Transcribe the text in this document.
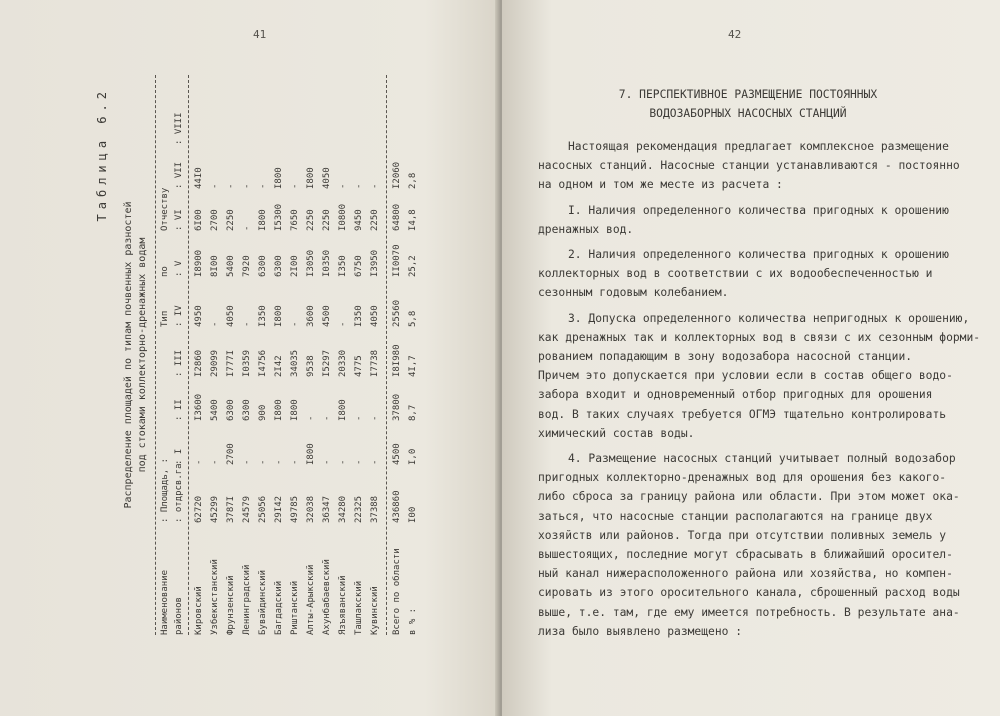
41
Таблица 6.2
Распределение площадей по типам почвенных разностей под стоками коллекторно-дренажных водам
Наименование
: Площадь, :
Тип
по
Отчеству
районов
: отдрсв.га
: I
: II
: III
: IV
: V
: VI
: VII
: VIII
Кировский
62720
-
I3600
I2860
4950
I8900
6I00
44I0
Узбекистанский
45299
-
5400
29099
-
8I00
2700
-
Фрунзенский
3787I
2700
6300
I777I
4050
5400
2250
-
Ленинградский
24579
-
6300
I0359
-
7920
-
-
Бувайдинский
25056
-
900
I4756
I350
6300
I800
-
Багдадский
29I42
-
I800
2I42
I800
6300
I5300
I800
Риштанский
49785
-
I800
34035
-
2I00
7650
-
Алты-Арыкский
32038
I800
-
9538
3600
I3050
2250
I800
Ахунбабаевский
36347
-
-
I5297
4500
I0350
2250
4050
Язъяванский
34280
-
I800
20330
-
I350
I0800
-
Ташлакский
22325
-
-
4775
I350
6750
9450
-
Кувинский
37388
-
-
I7738
4050
I3950
2250
-
Всего по области
436860
4500
37800
I8I980
25560
II0070
64800
I2060
в % :
I00
I,0
8,7
4I,7
5,8
25,2
I4,8
2,8
42
7. ПЕРСПЕКТИВНОЕ РАЗМЕЩЕНИЕ ПОСТОЯННЫХ
ВОДОЗАБОРНЫХ НАСОСНЫХ СТАНЦИЙ
Настоящая рекомендация предлагает комплексное размещение
насосных станций. Насосные станции устанавливаются - постоянно
на одном и том же месте из расчета :
I. Наличия определенного количества пригодных к орошению
дренажных вод.
2. Наличия определенного количества пригодных к орошению
коллекторных вод в соответствии с их водообеспеченностью и
сезонным годовым колебанием.
3. Допуска определенного количества непригодных к орошению,
как дренажных так и коллекторных вод в связи с их сезонным форми-
рованием попадающим в зону водозабора насосной станции.
Причем это допускается при условии если в состав общего водо-
забора входит и одновременный отбор пригодных для орошения
вод. В таких случаях требуется ОГМЭ тщательно контролировать
химический состав воды.
4. Размещение насосных станций учитывает полный водозабор
пригодных коллекторно-дренажных вод для орошения без какого-
либо сброса за границу района или области. При этом может ока-
заться, что насосные станции располагаются на границе двух
хозяйств или районов. Тогда при отсутствии поливных земель у
вышестоящих, последние могут сбрасывать в ближайший оросител-
ный канал нижерасположенного района или хозяйства, но компен-
сировать из этого оросительного канала, сброшенный расход воды
выше, т.е. там, где ему имеется потребность. В результате ана-
лиза было выявлено размещено :
